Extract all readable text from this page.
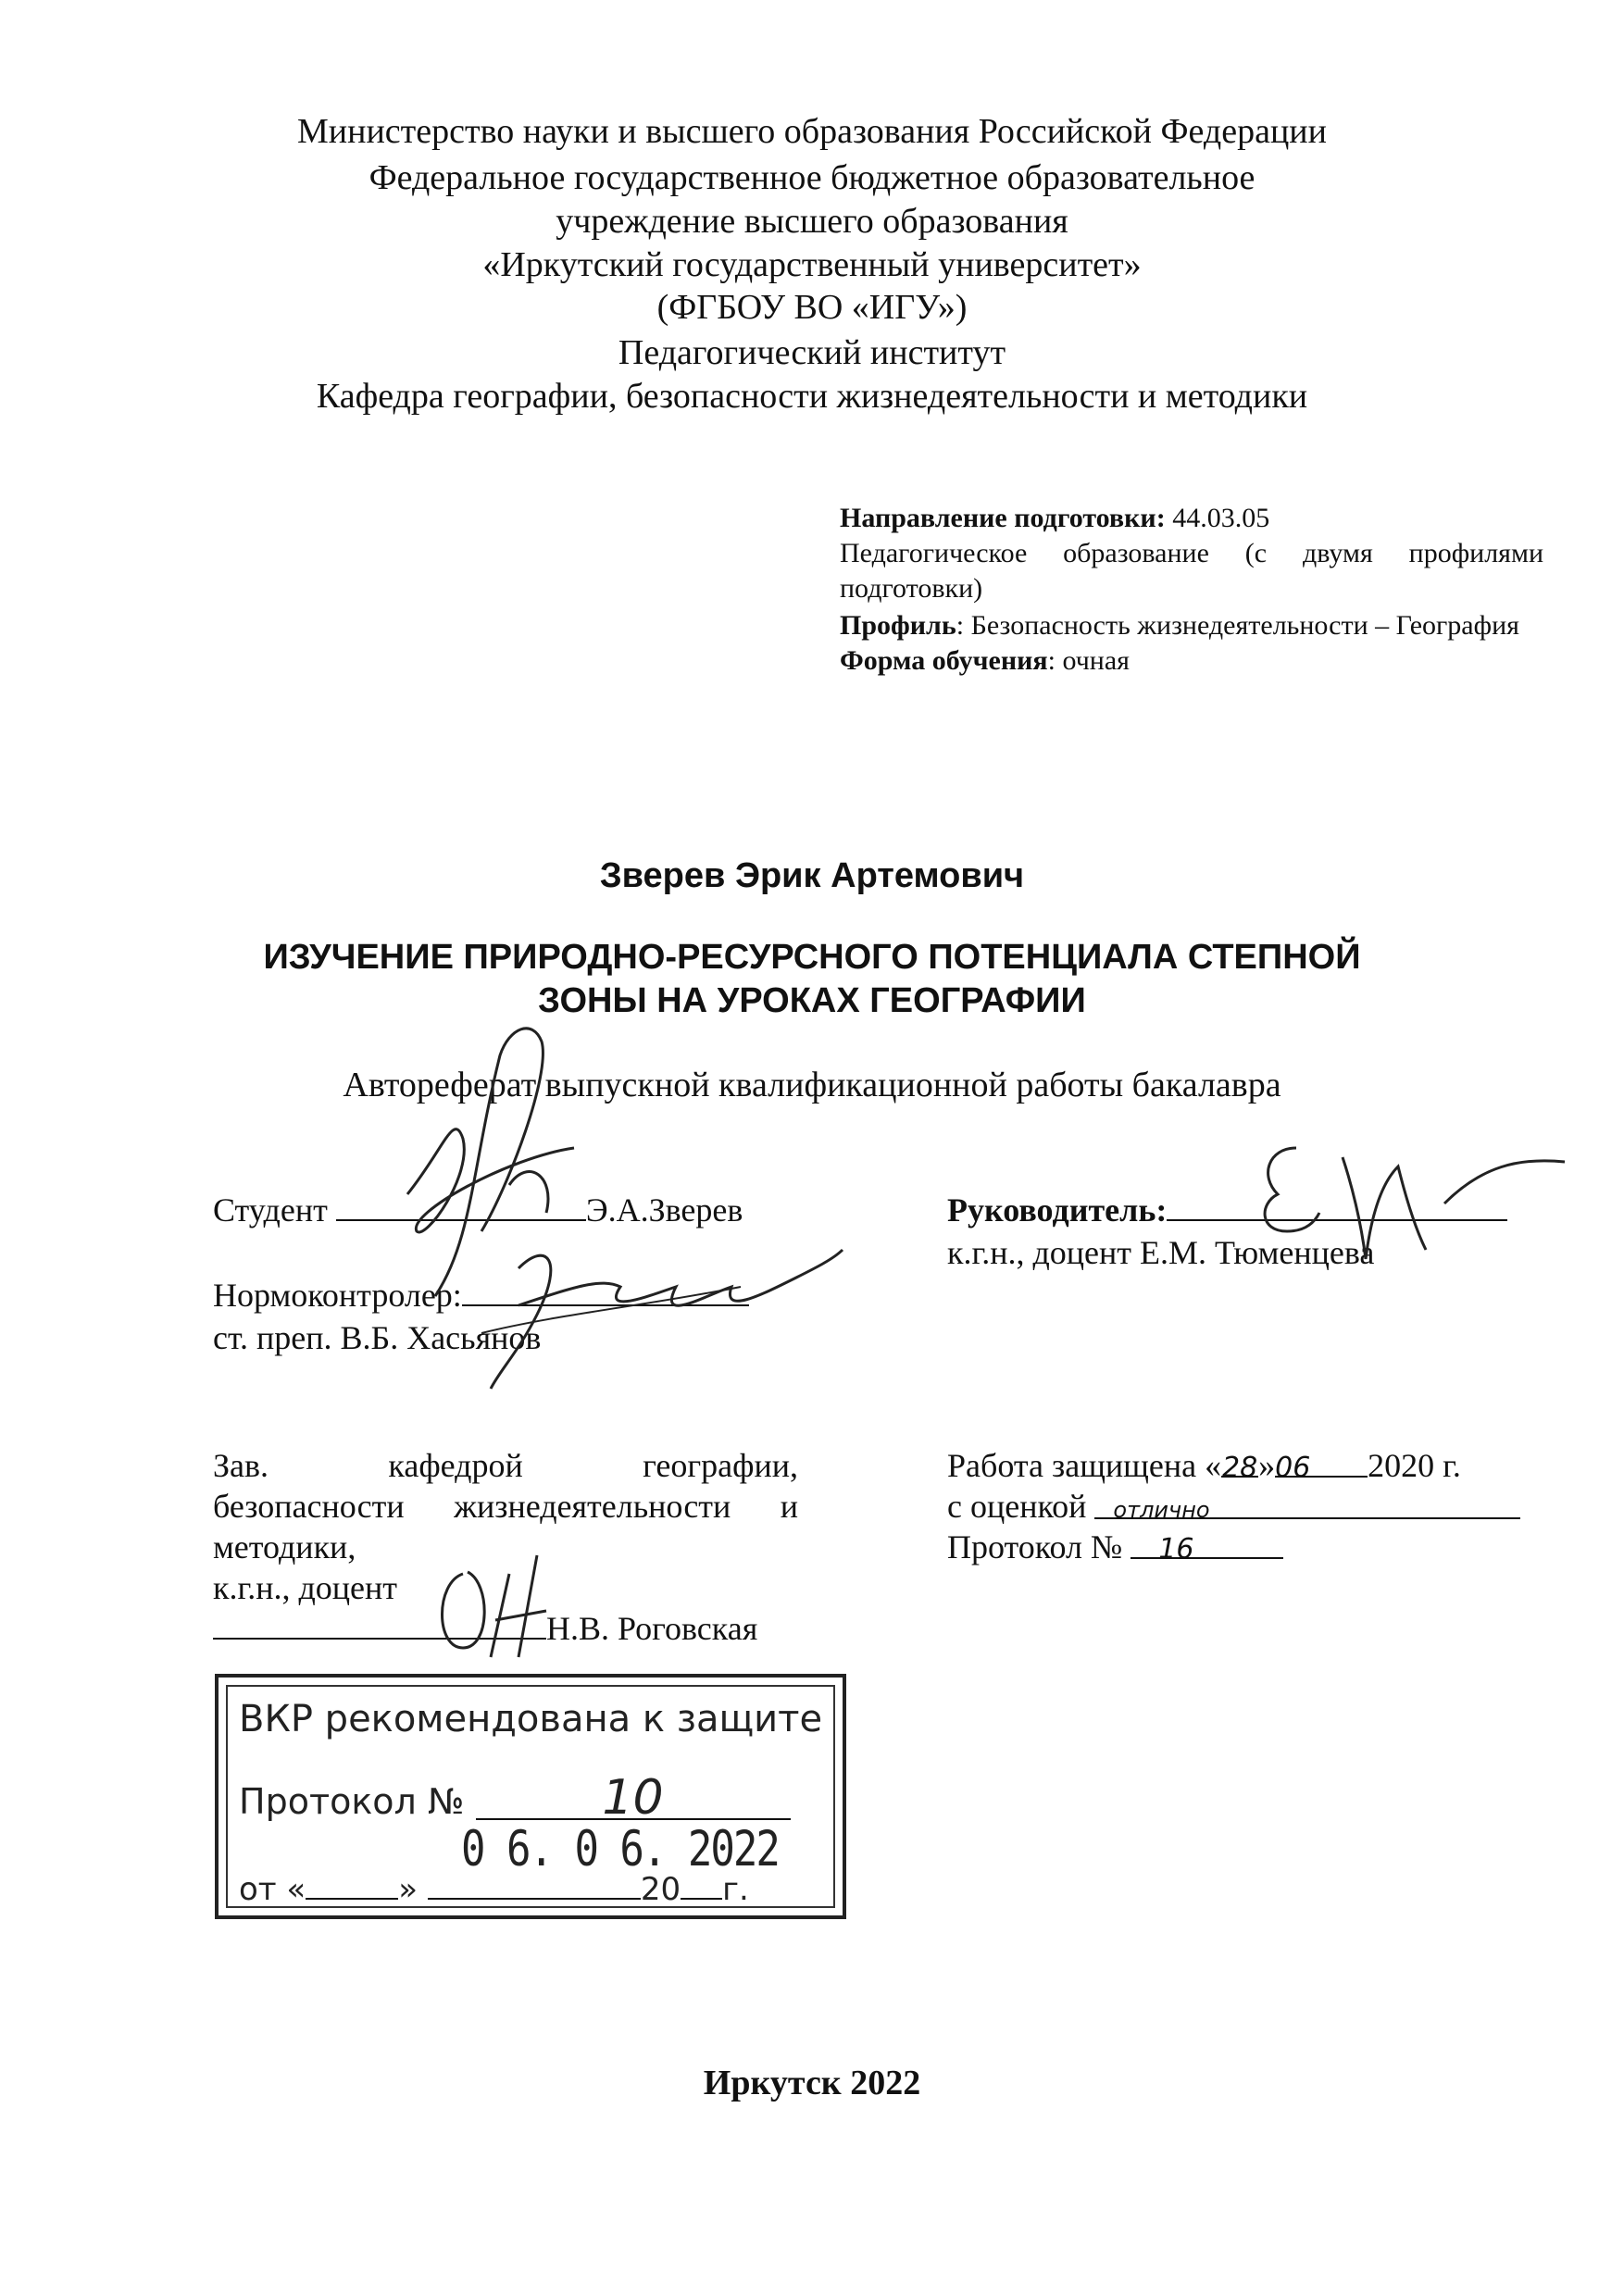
Министерство науки и высшего образования Российской Федерации
Федеральное государственное бюджетное образовательное
учреждение высшего образования
«Иркутский государственный университет»
(ФГБОУ ВО «ИГУ»)
Педагогический институт
Кафедра географии, безопасности жизнедеятельности и методики
Направление подготовки: 44.03.05
Педагогическое образование (с двумя профилями подготовки)
Профиль: Безопасность жизнедеятельности – География
Форма обучения: очная
Зверев Эрик Артемович
ИЗУЧЕНИЕ ПРИРОДНО-РЕСУРСНОГО ПОТЕНЦИАЛА СТЕПНОЙ
ЗОНЫ НА УРОКАХ ГЕОГРАФИИ
Автореферат выпускной квалификационной работы бакалавра
Студент	Э.А.Зверев
Нормоконтролер:
ст. преп. В.Б. Хасьянов
Руководитель:
к.г.н., доцент Е.М. Тюменцева
Зав.	кафедрой	географии,
безопасности жизнедеятельности и
методики,
к.г.н., доцент
Н.В. Роговская
Работа защищена «28»06 2020 г.
с оценкой отлично
Протокол № 16
ВКР рекомендована к защите
Протокол №	10
0 6. 0 6. 2022
от «	»	20 г.
Иркутск 2022
